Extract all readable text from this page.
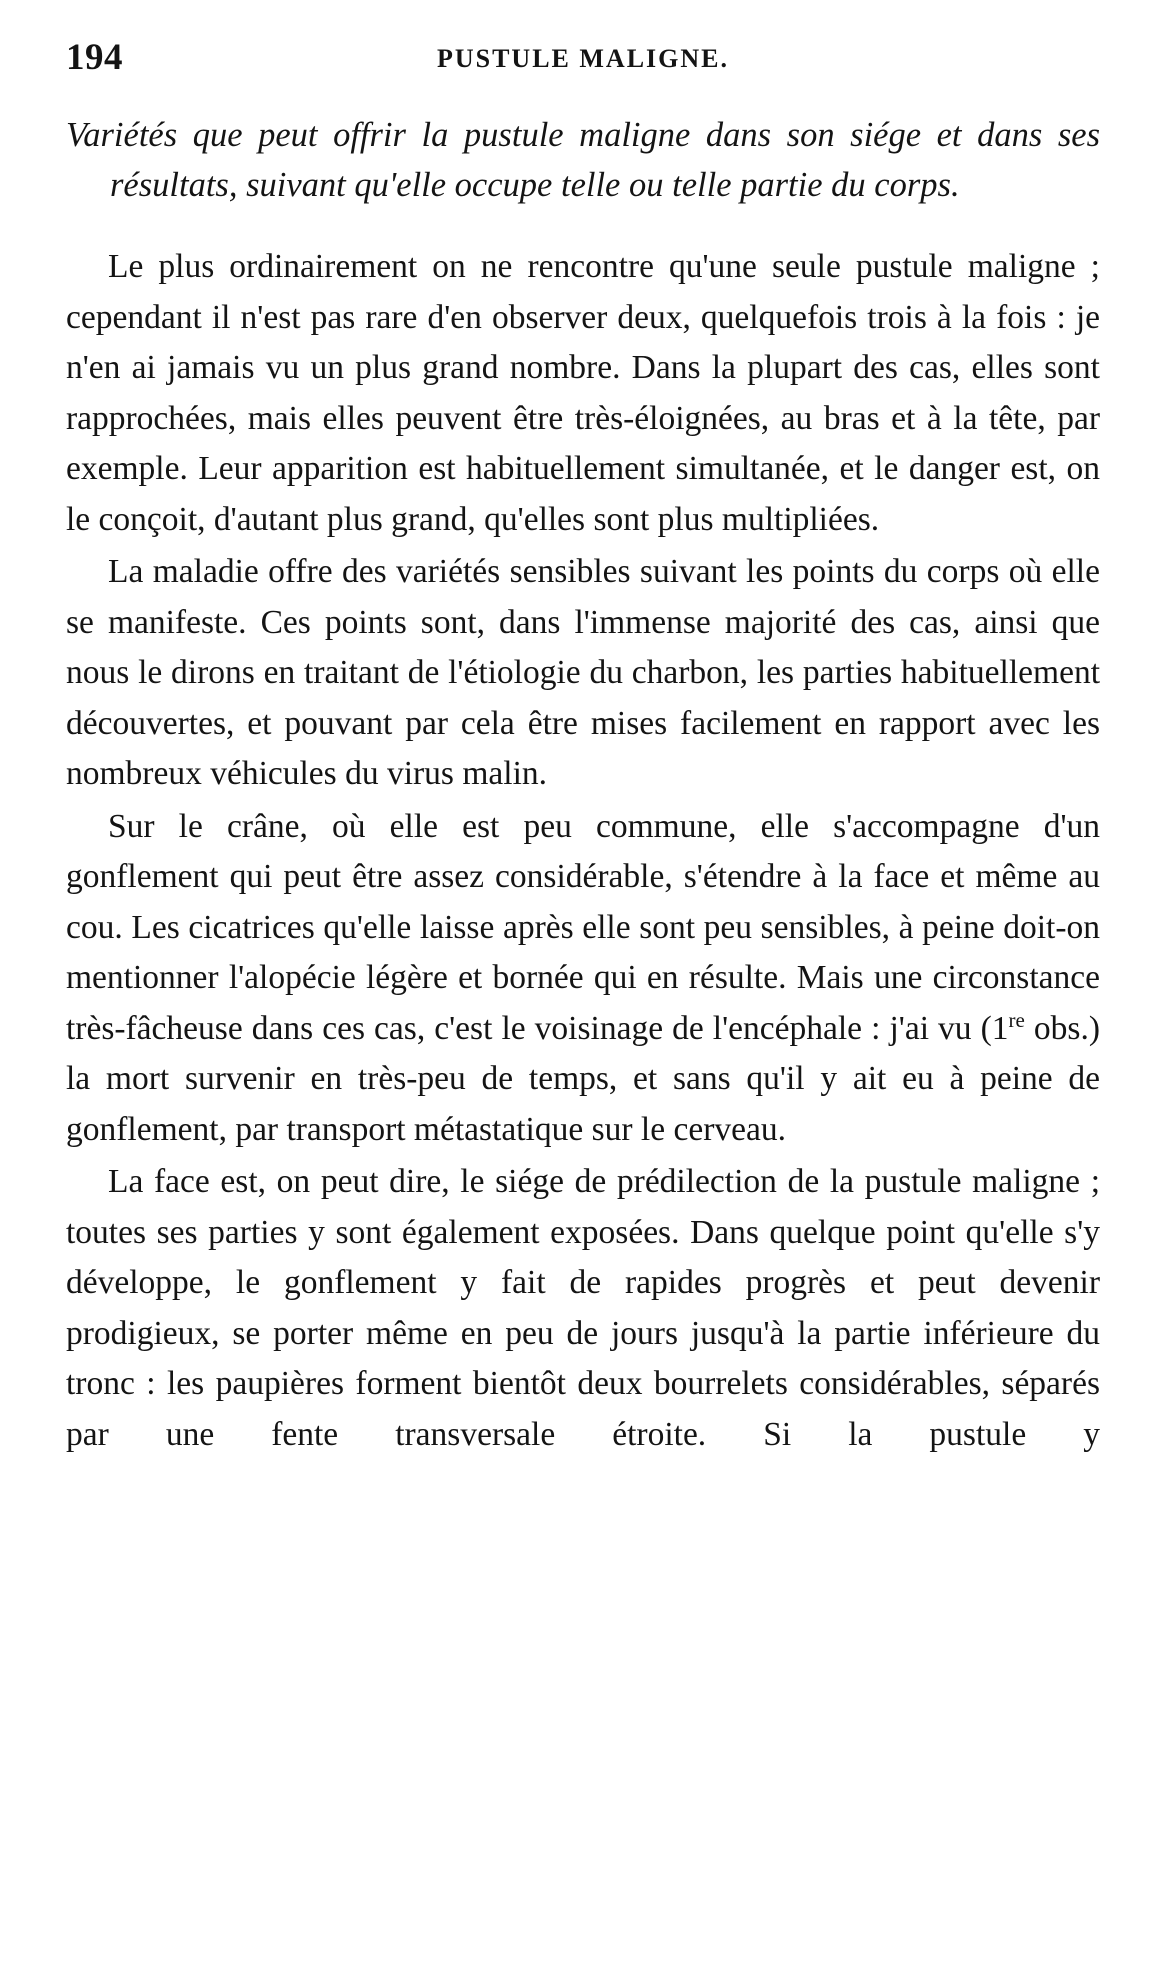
194	PUSTULE MALIGNE.
Variétés que peut offrir la pustule maligne dans son siége et dans ses résultats, suivant qu'elle occupe telle ou telle partie du corps.

Le plus ordinairement on ne rencontre qu'une seule pustule maligne ; cependant il n'est pas rare d'en observer deux, quelquefois trois à la fois : je n'en ai jamais vu un plus grand nombre. Dans la plupart des cas, elles sont rapprochées, mais elles peuvent être très-éloignées, au bras et à la tête, par exemple. Leur apparition est habituellement simultanée, et le danger est, on le conçoit, d'autant plus grand, qu'elles sont plus multipliées.

La maladie offre des variétés sensibles suivant les points du corps où elle se manifeste. Ces points sont, dans l'immense majorité des cas, ainsi que nous le dirons en traitant de l'étiologie du charbon, les parties habituellement découvertes, et pouvant par cela être mises facilement en rapport avec les nombreux véhicules du virus malin.

Sur le crâne, où elle est peu commune, elle s'accompagne d'un gonflement qui peut être assez considérable, s'étendre à la face et même au cou. Les cicatrices qu'elle laisse après elle sont peu sensibles, à peine doit-on mentionner l'alopécie légère et bornée qui en résulte. Mais une circonstance très-fâcheuse dans ces cas, c'est le voisinage de l'encéphale : j'ai vu (1re obs.) la mort survenir en très-peu de temps, et sans qu'il y ait eu à peine de gonflement, par transport métastatique sur le cerveau.

La face est, on peut dire, le siége de prédilection de la pustule maligne ; toutes ses parties y sont également exposées. Dans quelque point qu'elle s'y développe, le gonflement y fait de rapides progrès et peut devenir prodigieux, se porter même en peu de jours jusqu'à la partie inférieure du tronc : les paupières forment bientôt deux bourrelets considérables, séparés par une fente transversale étroite. Si la pustule y
